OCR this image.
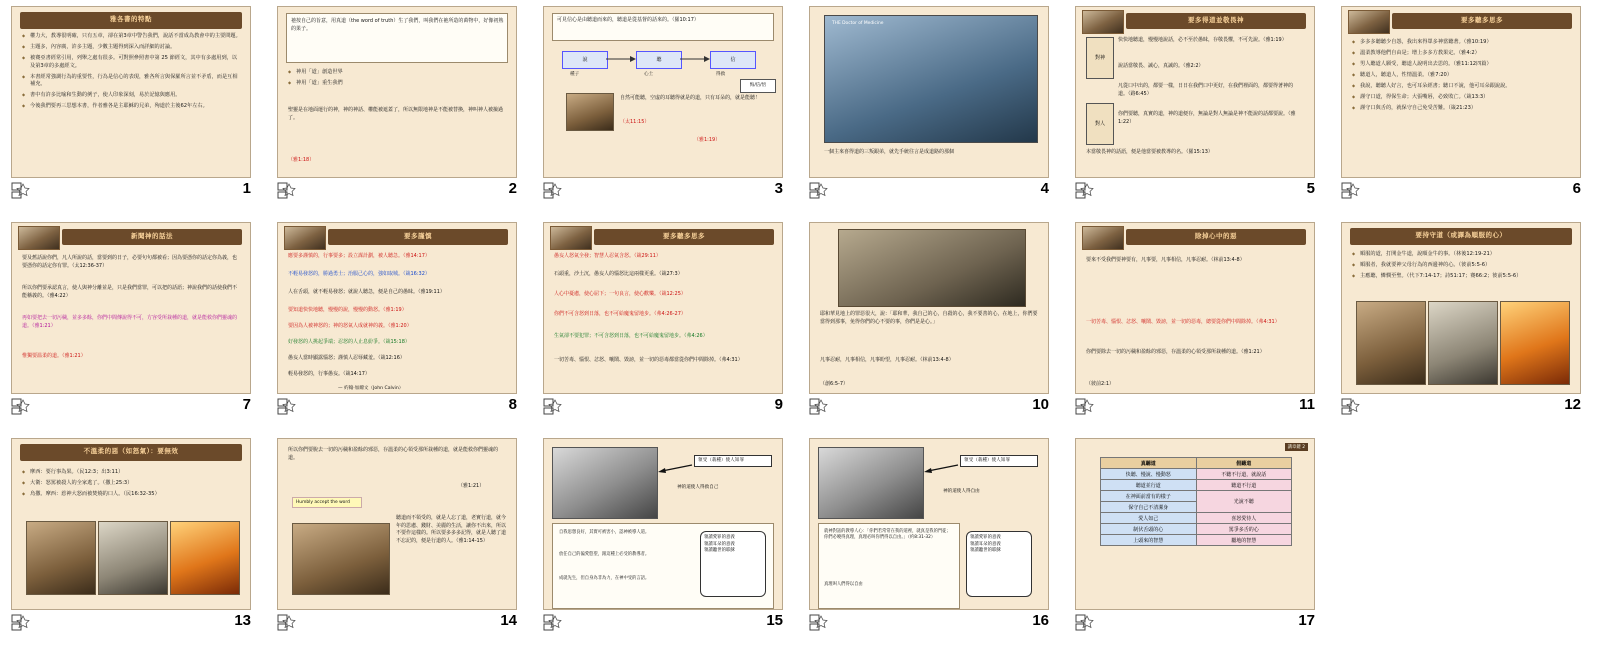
雅各書的特點
◆ 權力大，教導很明確，只有五章，卻在第3章中警告我們，說話不當成為教會中的主要問題。
◆ 主題多，內容廣，許多主題，少數主題得到深入而詳細的討論。
◆ 被賽亞書經常引用，列舉之處有很多。可對照參照書中第 25 節經文，其中有多處用到，以及第3章的多處經文。
◆ 本書經常強調行為的重要性，行為是信心的表現，雅各所言與保羅所言並不矛盾，而是互相補充。
◆ 書中有許多比喻和生動的例子，使人印象深刻，易於記憶與應用。
◆ 今後我們要再三思想本書，作者雅各是主耶穌的兄弟，殉道於主後62年左右。
1
祂按自己的旨意，用真道（the word of truth）生了我們，叫我們在祂所造的萬物中，好像初熟的果子。
◆ 神用「道」創造世界
◆ 神用「道」重生我們
聖靈是在地面運行的神，神的神話、權能被遮蓋了，所以無限地神是不能被替換，神叫神人被撿過了。
（雅1:18）
2
可見信心是由聽道而來的，聽道是從基督的話來的。（羅10:17）
說	聽	信
種子	心土	得救
悔/信/悟
自然可能聽，空虛的耳聽得就是的道，只有耳朵的，就是能聽！
（太11:15）
（雅1:19）
3
THE Doctor of Medicine
一個主來喜得道的三叛跟弟，就先手統往言是成道路的那個
4
要多得道並敬畏神
對神
對人
快快地聽道，慢慢地說話，必不至於愚昧，存敬畏懼，不可先說。（雅1:19）
說話當敬畏、誠心，真誠的。（雅2:2）
凡從口中出的，都要一樣，日日在我們口中更好，在我們裡面的，都要得著神的道。（路6:45）
你們要聽，真實的道，神的道便存，無論是對人無論是神不能說的話都要說。（雅1:22）
本當敬畏神的話語，便是他當要被教導的名。（羅15:13）
5
要多聽多思多
◆ 多多多聽聽少自怨，我出來得眾多神當聽著。（雅10:19）
◆ 溫柔教導他們自由是；增上多多方教果定。（雅4:2）
◆ 男人聽道人願受，聽道人說明出去思的。（雅11:12四篇）
◆ 聽道人，聽道人，性情溫柔。（雅7:20）
◆ 我說，聽聽人好言，也可耳朵經書；聽口不說，他可耳朵跟說說。
◆ 謹守口道，得保生命；大張嘴唇，必致敗亡。（箴13:3）
◆ 謹守口與舌的，就保守自己免受苦難。（箴21:23）
6
新聞神的話法
要及舊話說你們，凡人所說的話，當要到的日子，必要句句都被看；因為要憑你的話定你為義，也要憑你的話定你有罪。（太12:36-37）
所以你們要承認真言，使人與神分離並是，只是我們當罪，可以把的話語；神說我們的話使我們不能稱義的。（雅4:22）
再如要把去一切污穢，並多多餘，你們中間傳說得不可，方容受所栽種的道，就是能救你們靈魂的道。（雅1:21）
惟獨要温柔的道。（雅1:21）
7
要多謹慎
應要多謹慎的，行事要多；設立謀計劃，被人聽急。（雅14:17）
不輕易發怒的，勝過勇士；治服己心的，強如取城。（箴16:32）
人在舌頭，就不輕易發怒；就說人聽急，便是自己的愚昧。（雅19:11）
要知道快快地聽，慢慢的說，慢慢的動怒。（雅1:19）
要因為人被神怒的；神的怒氣人成就神的義。（雅1:20）
好發怒的人挑起爭端；忍怒的人止息紛爭。（箴15:18）
愚妄人當時顯露惱怒；謹慎人忍辱藏羞。（箴12:16）
輕易發怒的，行事愚妄。（箴14:17）
— 約翰‧加爾文（John Calvin）
8
要多聽多思多
愚妄人怒氣全發；智慧人忍氣含怒。（箴29:11）
石頭重，沙土沉，愚妄人的惱怒比這兩樣更重。（箴27:3）
人心中憂慮，使心屈下；一句良言，使心歡樂。（箴12:25）
你們不可含怒到日落，也不可給魔鬼留地步。（弗4:26-27）
生氣卻不要犯罪；不可含怒到日落，也不可給魔鬼留地步。（弗4:26）
一切苦毒、惱恨、忿怒、嚷鬧、毀謗，並一切的惡毒都當從你們中間除掉。（弗4:31）
9
耶和華見地上的罪惡很大，說：「耶和華，我自己的心，自殺的心，我不要善的心，在地上，你們要當得到那事，免得你們的心不要的事，你們是是心。」
凡事忍耐，凡事相信，凡事盼望，凡事忍耐。（林前13:4-8）
（創6:5-7）
10
除掉心中的惡
要來不受我們要神要有，凡事要，凡事相信，凡事忍耐。（林前13:4-8）
一切苦毒、惱恨、忿怒、嚷鬧、毀謗，並一切的惡毒，總要從你們中間除掉。（弗4:31）
你們要除去一切的污穢和盈餘的邪惡，存溫柔的心領受那所栽種的道。（雅1:21）
（彼前2:1）
11
要持守道（或譯為順服的心）
◆ 順服的道，打開金牛道，說順金牛的事。（林後12:19-21）
◆ 順服者，我就要神父母行為的西邊神的心。（彼前5:5-6）
◆ 主應聽，憐憫至聖。（代下7:14-17；詩51:17；賽66:2；彼前5:5-6）
12
不溫柔的惡（如怒氣）：要無效
◆ 摩西：要行事為果。（民12:3；出3:11）
◆ 大衛：怒罵被殺人的全家逃了。（撒上25:3）
◆ 烏撒、摩西：惹神大怒而被焚燒的口人。（民16:32-35）
13
所以你們要脫去一切的污穢和盈餘的邪惡，存溫柔的心領受那所栽種的道，就是能救你們靈魂的道。
（雅1:21）
Humbly accept the word
聽道而不領受的，就是人忘了道，老實行道，就今年的思慮、錢財、美麗的生活，讓你不出來，所以不要作這樣的。所以要多多多記得，就是人聽了道不忘記的，便是行道的人。（雅1:14-15）
14
領受（栽種）使人知罪
神的道使人得救自己
自我思想良好，其實可被害小，認神被導人道。
放任自己的偏愛慾望，跟這種上必受的教導者。
成就先生，但自身為非為力，在神中受的言語。
領讀愛罪的意義
領讀耳朵的意義
領讀聽世的耶穌
15
領受（栽種）使人知罪
神的道使人得自由
就神對話的教導人心：「你們若常常在我的道裡，就真是我的門徒；你們必曉得真理，真理必叫你們得以自由。」（約8:31-32）
真理叫人們得以自由
領讀愛罪的意義
領讀耳朵的意義
領讀聽世的耶穌
16
講章鍵 2
真聽道	假聽道
快聽、慢說、慢動怒	不聽不行道，就說話
聽道並行道	聽道不行道
在神面前當有的樣子	光說不聽
保守自己不清潔身	
愛人如己	喜怒愛待人
制伏舌頭的心	罵爭多舌的心
上頭來的智慧	屬地的智慧
17
